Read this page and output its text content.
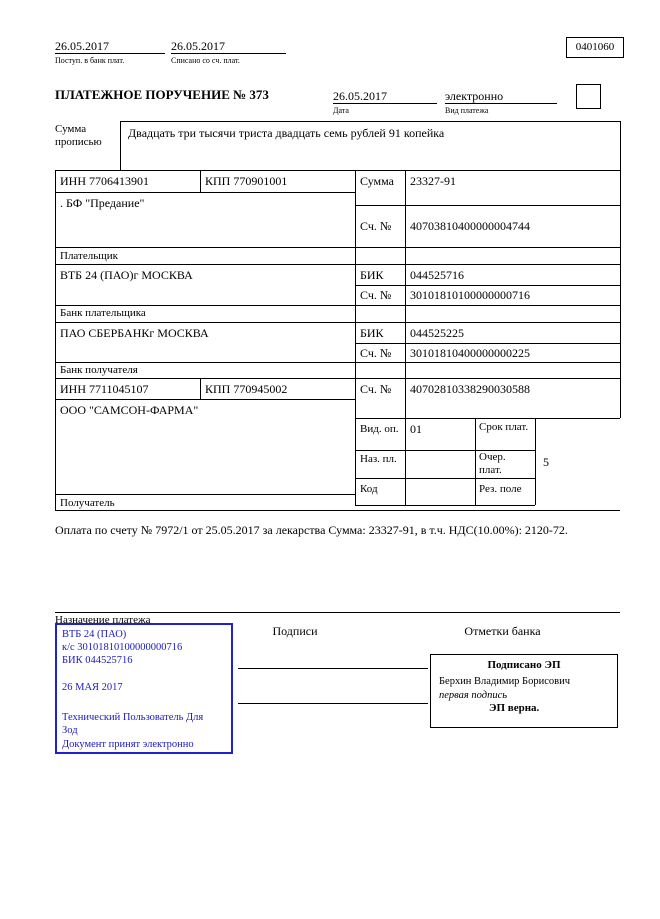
26.05.2017
Поступ. в банк плат.
26.05.2017
Списано со сч. плат.
0401060
ПЛАТЕЖНОЕ ПОРУЧЕНИЕ № 373	26.05.2017
Дата
электронно
Вид платежа
Сумма прописью
Двадцать три тысячи триста двадцать семь рублей 91 копейка
ИНН 7706413901	КПП 770901001	Сумма 23327-91
. БФ "Предание"
Сч. № 40703810400000004744
Плательщик
ВТБ 24 (ПАО)г МОСКВА	БИК 044525716
Сч. № 30101810100000000716
Банк плательщика
ПАО СБЕРБАНКг МОСКВА	БИК 044525225
Сч. № 30101810400000000225
Банк получателя
ИНН 7711045107	КПП 770945002	Сч. № 40702810338290030588
ООО "САМСОН-ФАРМА"
Вид. оп. 01	Срок плат.
Наз. пл.	Очер. плат.
5
Код	Рез. поле
Получатель
Оплата по счету № 7972/1 от 25.05.2017 за лекарства Сумма: 23327-91, в т.ч. НДС(10.00%): 2120-72.
Назначение платежа
ВТБ 24 (ПАО)
к/с 30101810100000000716
БИК 044525716
26 МАЯ 2017
Технический Пользователь Для Зод
Документ принят электронно
Подписи	Отметки банка
Подписано ЭП
Берхин Владимир Борисович
первая подпись
ЭП верна.
